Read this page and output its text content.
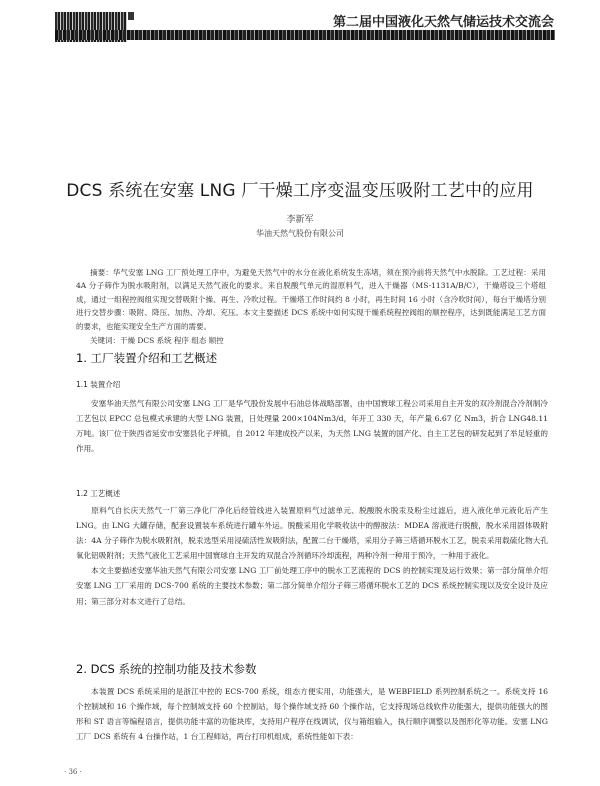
第二届中国液化天然气储运技术交流会
DCS 系统在安塞 LNG 厂干燥工序变温变压吸附工艺中的应用
李新军
华油天然气股份有限公司
摘要：华气安塞 LNG 工厂预处理工序中，为避免天然气中的水分在液化系统发生冻堵，须在预冷前将天然气中水脱除。工艺过程：采用 4A 分子筛作为脱水吸附剂，以满足天然气液化的要求。来自脱酸气单元的湿原料气，进入干燥器（MS-1131A/B/C），干燥塔设三个塔组成，通过一组程控阀组实现交替吸附个操、再生、冷吹过程。干燥塔工作时间约 8 小时，再生时间 16 小时（含冷吹时间），每台干燥塔分别进行交替步骤：吸附、降压、加热、冷却、充压。本文主要描述 DCS 系统中如何实现干燥系统程控阀组的顺控程序，达到既能满足工艺方面的要求，也能实现安全生产方面的需要。
关键词：干燥 DCS 系统 程序 组态 顺控
1. 工厂装置介绍和工艺概述
1.1 装置介绍
安塞华油天然气有限公司安塞 LNG 工厂是华气股份发展中石油总体战略部署，由中国寰球工程公司采用自主开发的双冷剂混合冷剂制冷工艺包以 EPCC 总包模式承建的大型 LNG 装置，日处理量 200×104Nm3/d，年开工 330 天，年产量 6.67 亿 Nm3，折合 LNG48.11 万吨。该厂位于陕西省延安市安塞县化子坪镇，自 2012 年建成投产以来，为天然 LNG 装置的国产化、自主工艺包的研发起到了举足轻重的作用。
1.2 工艺概述
原料气自长庆天然气一厂第三净化厂净化后经管线进入装置原料气过滤单元、脱酸脱水脱汞及粉尘过滤后，进入液化单元液化后产生 LNG。由 LNG 大罐存储，配套设置装车系统进行罐车外运。脱酸采用化学吸收法中的醇胺法：MDEA 溶液进行脱酸，脱水采用固体吸附法：4A 分子筛作为脱水吸附剂，脱汞选型采用浸硫活性炭吸附法，配置二台干燥塔，采用分子筛三塔循环脱水工艺，脱汞采用载硫化物大孔氧化铝吸附剂；天然气液化工艺采用中国寰球自主开发的双混合冷剂循环冷却流程，两种冷剂一种用于预冷，一种用于液化。
本文主要描述安塞华油天然气有限公司安塞 LNG 工厂前处理工序中的脱水工艺流程的 DCS 的控制实现及运行效果；第一部分简单介绍安塞 LNG 工厂采用的 DCS-700 系统的主要技术参数；第二部分简单介绍分子筛三塔循环脱水工艺的 DCS 系统控制实现以及安全设计及应用；第三部分对本文进行了总结。
2. DCS 系统的控制功能及技术参数
本装置 DCS 系统采用的是浙江中控的 ECS-700 系统，组态方便实用，功能强大，是 WEBFIELD 系列控制系统之一。系统支持 16 个控制域和 16 个操作域，每个控制域支持 60 个控制站，每个操作域支持 60 个操作站，它支持现场总线软件功能强大，提供功能强大的图形和 ST 语言等编程语言，提供功能丰富的功能块库，支持用户程序在线调试，仪与箱组输入，执行顺序调整以及图形化等功能。安塞 LNG 工厂 DCS 系统有 4 台操作站，1 台工程师站，两台打印机组成，系统性能如下表：
· 36 ·
